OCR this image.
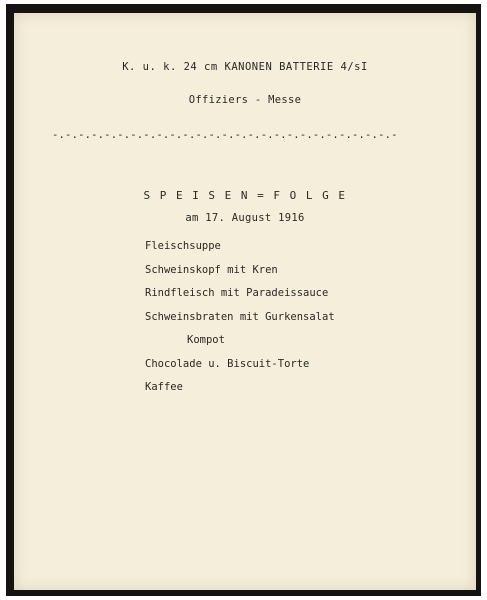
K. u. k. 24 cm KANONEN BATTERIE 4/sI
Offiziers - Messe
-.-.-.-.-.-.-.-.-.-.-.-.-.-.-.-.-.-.-.-.-.-.-.-.-.-.-
S P E I S E N = F O L G E
am 17. August 1916
Fleischsuppe
Schweinskopf mit Kren
Rindfleisch mit Paradeissauce
Schweinsbraten mit Gurkensalat
Kompot
Chocolade u. Biscuit-Torte
Kaffee
